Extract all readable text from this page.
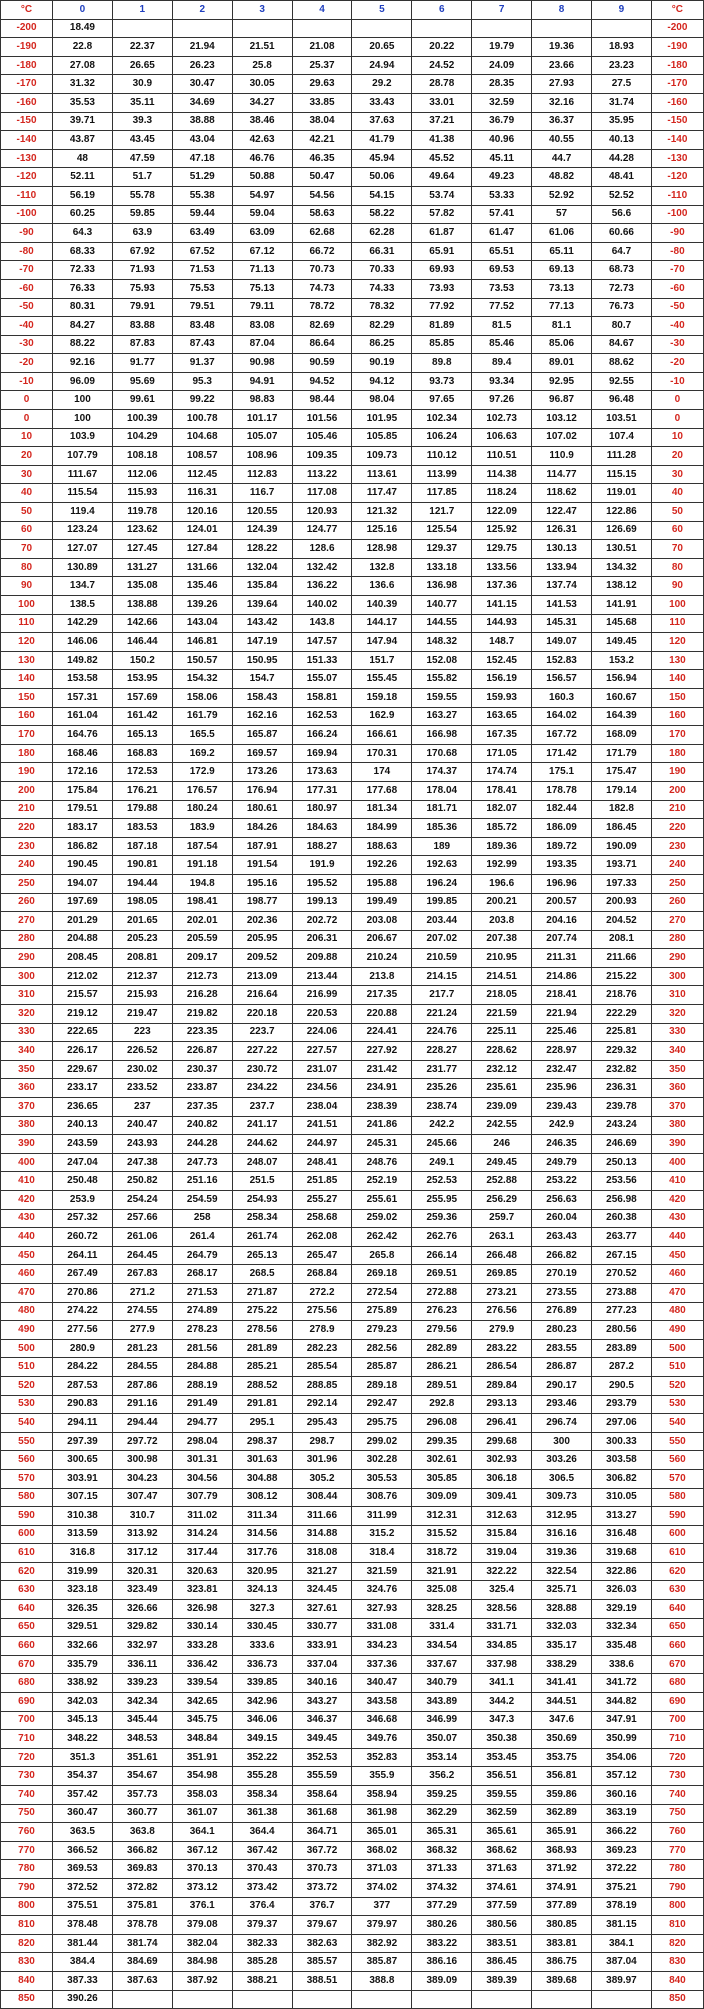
°C	0	1	2	3	4	5	6	7	8	9	°C
-200	18.49										-200
-190	22.8	22.37	21.94	21.51	21.08	20.65	20.22	19.79	19.36	18.93	-190
-180	27.08	26.65	26.23	25.8	25.37	24.94	24.52	24.09	23.66	23.23	-180
-170	31.32	30.9	30.47	30.05	29.63	29.2	28.78	28.35	27.93	27.5	-170
-160	35.53	35.11	34.69	34.27	33.85	33.43	33.01	32.59	32.16	31.74	-160
-150	39.71	39.3	38.88	38.46	38.04	37.63	37.21	36.79	36.37	35.95	-150
-140	43.87	43.45	43.04	42.63	42.21	41.79	41.38	40.96	40.55	40.13	-140
-130	48	47.59	47.18	46.76	46.35	45.94	45.52	45.11	44.7	44.28	-130
-120	52.11	51.7	51.29	50.88	50.47	50.06	49.64	49.23	48.82	48.41	-120
-110	56.19	55.78	55.38	54.97	54.56	54.15	53.74	53.33	52.92	52.52	-110
-100	60.25	59.85	59.44	59.04	58.63	58.22	57.82	57.41	57	56.6	-100
-90	64.3	63.9	63.49	63.09	62.68	62.28	61.87	61.47	61.06	60.66	-90
-80	68.33	67.92	67.52	67.12	66.72	66.31	65.91	65.51	65.11	64.7	-80
-70	72.33	71.93	71.53	71.13	70.73	70.33	69.93	69.53	69.13	68.73	-70
-60	76.33	75.93	75.53	75.13	74.73	74.33	73.93	73.53	73.13	72.73	-60
-50	80.31	79.91	79.51	79.11	78.72	78.32	77.92	77.52	77.13	76.73	-50
-40	84.27	83.88	83.48	83.08	82.69	82.29	81.89	81.5	81.1	80.7	-40
-30	88.22	87.83	87.43	87.04	86.64	86.25	85.85	85.46	85.06	84.67	-30
-20	92.16	91.77	91.37	90.98	90.59	90.19	89.8	89.4	89.01	88.62	-20
-10	96.09	95.69	95.3	94.91	94.52	94.12	93.73	93.34	92.95	92.55	-10
0	100	99.61	99.22	98.83	98.44	98.04	97.65	97.26	96.87	96.48	0
0	100	100.39	100.78	101.17	101.56	101.95	102.34	102.73	103.12	103.51	0
10	103.9	104.29	104.68	105.07	105.46	105.85	106.24	106.63	107.02	107.4	10
20	107.79	108.18	108.57	108.96	109.35	109.73	110.12	110.51	110.9	111.28	20
30	111.67	112.06	112.45	112.83	113.22	113.61	113.99	114.38	114.77	115.15	30
40	115.54	115.93	116.31	116.7	117.08	117.47	117.85	118.24	118.62	119.01	40
50	119.4	119.78	120.16	120.55	120.93	121.32	121.7	122.09	122.47	122.86	50
60	123.24	123.62	124.01	124.39	124.77	125.16	125.54	125.92	126.31	126.69	60
70	127.07	127.45	127.84	128.22	128.6	128.98	129.37	129.75	130.13	130.51	70
80	130.89	131.27	131.66	132.04	132.42	132.8	133.18	133.56	133.94	134.32	80
90	134.7	135.08	135.46	135.84	136.22	136.6	136.98	137.36	137.74	138.12	90
100	138.5	138.88	139.26	139.64	140.02	140.39	140.77	141.15	141.53	141.91	100
110	142.29	142.66	143.04	143.42	143.8	144.17	144.55	144.93	145.31	145.68	110
120	146.06	146.44	146.81	147.19	147.57	147.94	148.32	148.7	149.07	149.45	120
130	149.82	150.2	150.57	150.95	151.33	151.7	152.08	152.45	152.83	153.2	130
140	153.58	153.95	154.32	154.7	155.07	155.45	155.82	156.19	156.57	156.94	140
150	157.31	157.69	158.06	158.43	158.81	159.18	159.55	159.93	160.3	160.67	150
160	161.04	161.42	161.79	162.16	162.53	162.9	163.27	163.65	164.02	164.39	160
170	164.76	165.13	165.5	165.87	166.24	166.61	166.98	167.35	167.72	168.09	170
180	168.46	168.83	169.2	169.57	169.94	170.31	170.68	171.05	171.42	171.79	180
190	172.16	172.53	172.9	173.26	173.63	174	174.37	174.74	175.1	175.47	190
200	175.84	176.21	176.57	176.94	177.31	177.68	178.04	178.41	178.78	179.14	200
210	179.51	179.88	180.24	180.61	180.97	181.34	181.71	182.07	182.44	182.8	210
220	183.17	183.53	183.9	184.26	184.63	184.99	185.36	185.72	186.09	186.45	220
230	186.82	187.18	187.54	187.91	188.27	188.63	189	189.36	189.72	190.09	230
240	190.45	190.81	191.18	191.54	191.9	192.26	192.63	192.99	193.35	193.71	240
250	194.07	194.44	194.8	195.16	195.52	195.88	196.24	196.6	196.96	197.33	250
260	197.69	198.05	198.41	198.77	199.13	199.49	199.85	200.21	200.57	200.93	260
270	201.29	201.65	202.01	202.36	202.72	203.08	203.44	203.8	204.16	204.52	270
280	204.88	205.23	205.59	205.95	206.31	206.67	207.02	207.38	207.74	208.1	280
290	208.45	208.81	209.17	209.52	209.88	210.24	210.59	210.95	211.31	211.66	290
300	212.02	212.37	212.73	213.09	213.44	213.8	214.15	214.51	214.86	215.22	300
310	215.57	215.93	216.28	216.64	216.99	217.35	217.7	218.05	218.41	218.76	310
320	219.12	219.47	219.82	220.18	220.53	220.88	221.24	221.59	221.94	222.29	320
330	222.65	223	223.35	223.7	224.06	224.41	224.76	225.11	225.46	225.81	330
340	226.17	226.52	226.87	227.22	227.57	227.92	228.27	228.62	228.97	229.32	340
350	229.67	230.02	230.37	230.72	231.07	231.42	231.77	232.12	232.47	232.82	350
360	233.17	233.52	233.87	234.22	234.56	234.91	235.26	235.61	235.96	236.31	360
370	236.65	237	237.35	237.7	238.04	238.39	238.74	239.09	239.43	239.78	370
380	240.13	240.47	240.82	241.17	241.51	241.86	242.2	242.55	242.9	243.24	380
390	243.59	243.93	244.28	244.62	244.97	245.31	245.66	246	246.35	246.69	390
400	247.04	247.38	247.73	248.07	248.41	248.76	249.1	249.45	249.79	250.13	400
410	250.48	250.82	251.16	251.5	251.85	252.19	252.53	252.88	253.22	253.56	410
420	253.9	254.24	254.59	254.93	255.27	255.61	255.95	256.29	256.63	256.98	420
430	257.32	257.66	258	258.34	258.68	259.02	259.36	259.7	260.04	260.38	430
440	260.72	261.06	261.4	261.74	262.08	262.42	262.76	263.1	263.43	263.77	440
450	264.11	264.45	264.79	265.13	265.47	265.8	266.14	266.48	266.82	267.15	450
460	267.49	267.83	268.17	268.5	268.84	269.18	269.51	269.85	270.19	270.52	460
470	270.86	271.2	271.53	271.87	272.2	272.54	272.88	273.21	273.55	273.88	470
480	274.22	274.55	274.89	275.22	275.56	275.89	276.23	276.56	276.89	277.23	480
490	277.56	277.9	278.23	278.56	278.9	279.23	279.56	279.9	280.23	280.56	490
500	280.9	281.23	281.56	281.89	282.23	282.56	282.89	283.22	283.55	283.89	500
510	284.22	284.55	284.88	285.21	285.54	285.87	286.21	286.54	286.87	287.2	510
520	287.53	287.86	288.19	288.52	288.85	289.18	289.51	289.84	290.17	290.5	520
530	290.83	291.16	291.49	291.81	292.14	292.47	292.8	293.13	293.46	293.79	530
540	294.11	294.44	294.77	295.1	295.43	295.75	296.08	296.41	296.74	297.06	540
550	297.39	297.72	298.04	298.37	298.7	299.02	299.35	299.68	300	300.33	550
560	300.65	300.98	301.31	301.63	301.96	302.28	302.61	302.93	303.26	303.58	560
570	303.91	304.23	304.56	304.88	305.2	305.53	305.85	306.18	306.5	306.82	570
580	307.15	307.47	307.79	308.12	308.44	308.76	309.09	309.41	309.73	310.05	580
590	310.38	310.7	311.02	311.34	311.66	311.99	312.31	312.63	312.95	313.27	590
600	313.59	313.92	314.24	314.56	314.88	315.2	315.52	315.84	316.16	316.48	600
610	316.8	317.12	317.44	317.76	318.08	318.4	318.72	319.04	319.36	319.68	610
620	319.99	320.31	320.63	320.95	321.27	321.59	321.91	322.22	322.54	322.86	620
630	323.18	323.49	323.81	324.13	324.45	324.76	325.08	325.4	325.71	326.03	630
640	326.35	326.66	326.98	327.3	327.61	327.93	328.25	328.56	328.88	329.19	640
650	329.51	329.82	330.14	330.45	330.77	331.08	331.4	331.71	332.03	332.34	650
660	332.66	332.97	333.28	333.6	333.91	334.23	334.54	334.85	335.17	335.48	660
670	335.79	336.11	336.42	336.73	337.04	337.36	337.67	337.98	338.29	338.6	670
680	338.92	339.23	339.54	339.85	340.16	340.47	340.79	341.1	341.41	341.72	680
690	342.03	342.34	342.65	342.96	343.27	343.58	343.89	344.2	344.51	344.82	690
700	345.13	345.44	345.75	346.06	346.37	346.68	346.99	347.3	347.6	347.91	700
710	348.22	348.53	348.84	349.15	349.45	349.76	350.07	350.38	350.69	350.99	710
720	351.3	351.61	351.91	352.22	352.53	352.83	353.14	353.45	353.75	354.06	720
730	354.37	354.67	354.98	355.28	355.59	355.9	356.2	356.51	356.81	357.12	730
740	357.42	357.73	358.03	358.34	358.64	358.94	359.25	359.55	359.86	360.16	740
750	360.47	360.77	361.07	361.38	361.68	361.98	362.29	362.59	362.89	363.19	750
760	363.5	363.8	364.1	364.4	364.71	365.01	365.31	365.61	365.91	366.22	760
770	366.52	366.82	367.12	367.42	367.72	368.02	368.32	368.62	368.93	369.23	770
780	369.53	369.83	370.13	370.43	370.73	371.03	371.33	371.63	371.92	372.22	780
790	372.52	372.82	373.12	373.42	373.72	374.02	374.32	374.61	374.91	375.21	790
800	375.51	375.81	376.1	376.4	376.7	377	377.29	377.59	377.89	378.19	800
810	378.48	378.78	379.08	379.37	379.67	379.97	380.26	380.56	380.85	381.15	810
820	381.44	381.74	382.04	382.33	382.63	382.92	383.22	383.51	383.81	384.1	820
830	384.4	384.69	384.98	385.28	385.57	385.87	386.16	386.45	386.75	387.04	830
840	387.33	387.63	387.92	388.21	388.51	388.8	389.09	389.39	389.68	389.97	840
850	390.26										850
